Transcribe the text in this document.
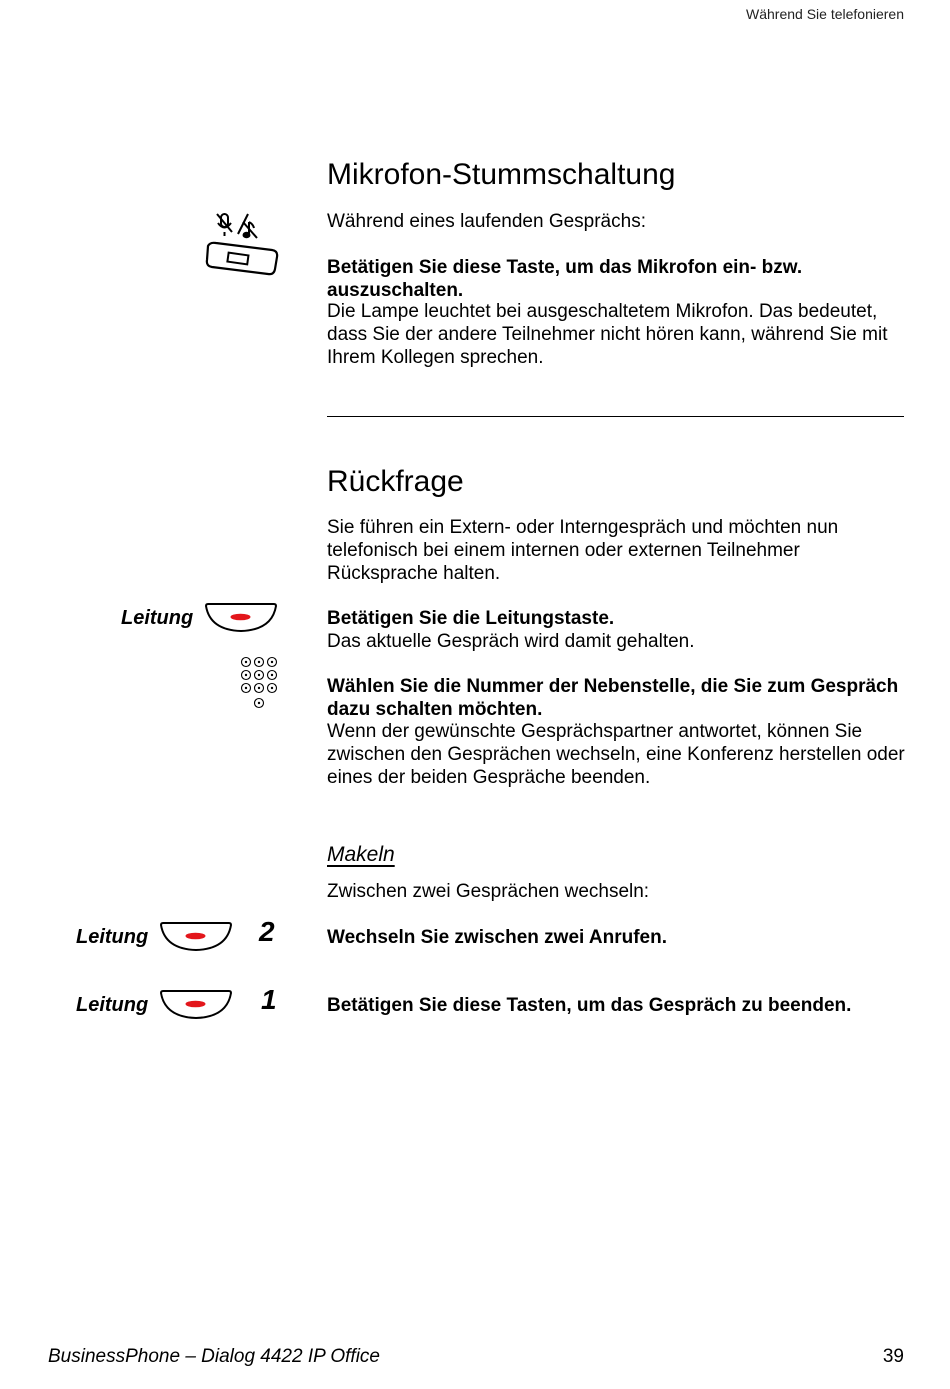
Während Sie telefonieren
Mikrofon-Stummschaltung

Während eines laufenden Gesprächs:

Betätigen Sie diese Taste, um das Mikrofon ein- bzw. auszuschalten.

Die Lampe leuchtet bei ausgeschaltetem Mikrofon. Das bedeutet, dass Sie der andere Teilnehmer nicht hören kann, während Sie mit Ihrem Kollegen sprechen.

Rückfrage

Sie führen ein Extern- oder Interngespräch und möchten nun telefonisch bei einem internen oder externen Teilnehmer Rücksprache halten.

Leitung	Betätigen Sie die Leitungstaste.

Das aktuelle Gespräch wird damit gehalten.

Wählen Sie die Nummer der Nebenstelle, die Sie zum Gespräch dazu schalten möchten.

Wenn der gewünschte Gesprächspartner antwortet, können Sie zwischen den Gesprächen wechseln, eine Konferenz herstellen oder eines der beiden Gespräche beenden.

Makeln

Zwischen zwei Gesprächen wechseln:

Leitung	2	Wechseln Sie zwischen zwei Anrufen.

Leitung	1	Betätigen Sie diese Tasten, um das Gespräch zu beenden.

BusinessPhone – Dialog 4422 IP Office	39
